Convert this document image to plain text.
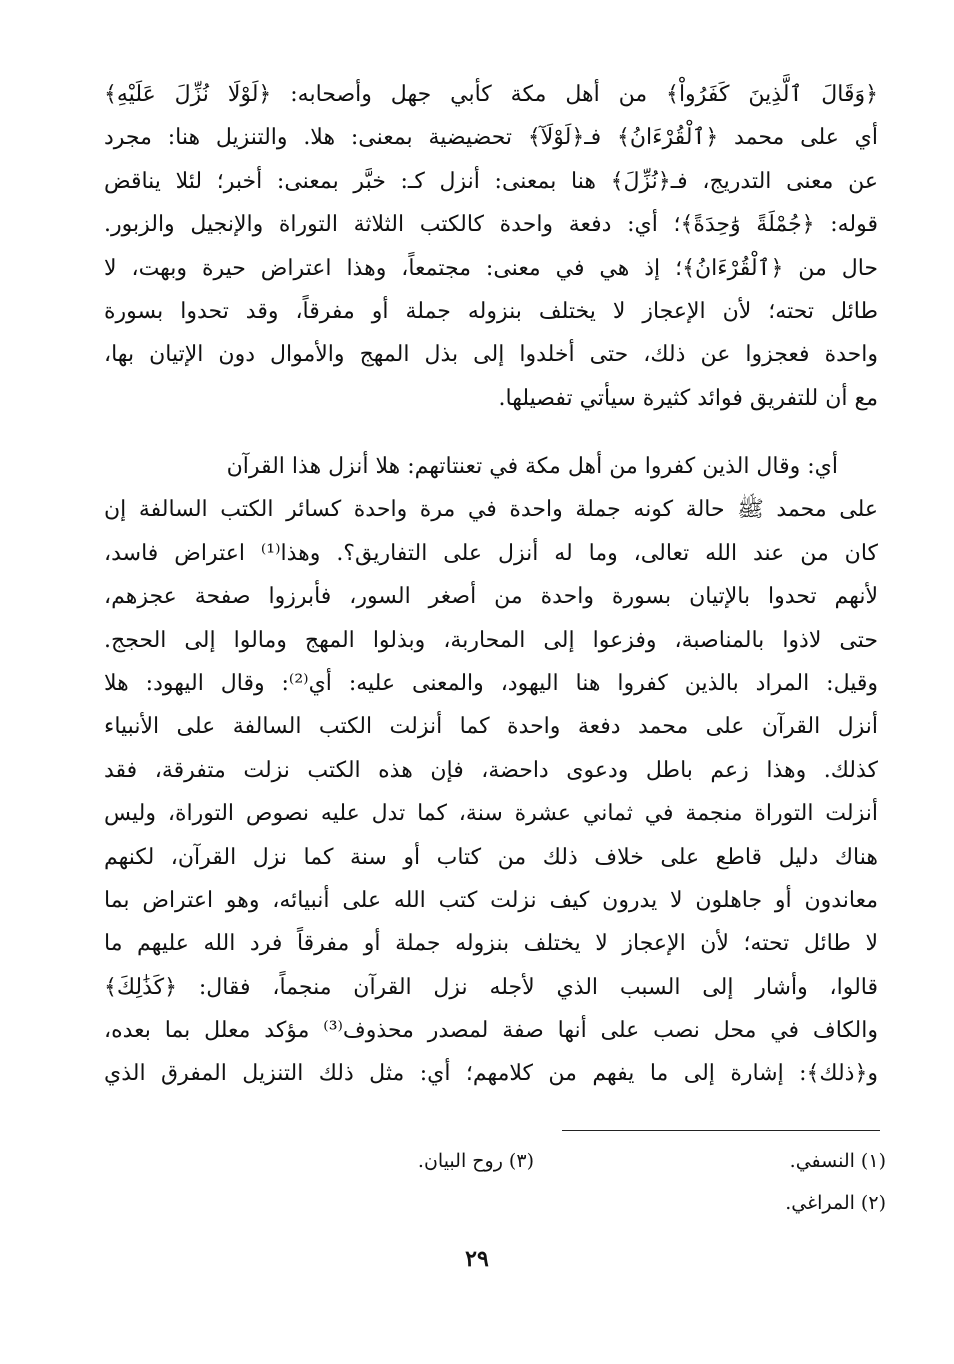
﴿وَقَالَ ٱلَّذِينَ كَفَرُواْ﴾ من أهل مكة كأبي جهل وأصحابه: ﴿لَوْلَا نُزِّلَ عَلَيْهِ﴾
أي على محمد ﴿ٱلْقُرْءَانُ﴾ فـ﴿لَوْلَآ﴾ تحضيضية بمعنى: هلا. والتنزيل هنا: مجرد
عن معنى التدريج، فـ﴿نُزِّلَ﴾ هنا بمعنى: أنزل كـ: خبَّر بمعنى: أخبر؛ لئلا يناقض
قوله: ﴿جُمْلَةً وَٰحِدَةً﴾؛ أي: دفعة واحدة كالكتب الثلاثة التوراة والإنجيل والزبور.
حال من ﴿ٱلْقُرْءَانُ﴾؛ إذ هي في معنى: مجتمعاً، وهذا اعتراض حيرة وبهت، لا
طائل تحته؛ لأن الإعجاز لا يختلف بنزوله جملة أو مفرقاً، وقد تحدوا بسورة
واحدة فعجزوا عن ذلك، حتى أخلدوا إلى بذل المهج والأموال دون الإتيان بها،
مع أن للتفريق فوائد كثيرة سيأتي تفصيلها.
أي: وقال الذين كفروا من أهل مكة في تعنتاتهم: هلا أنزل هذا القرآن
على محمد ﷺ حالة كونه جملة واحدة في مرة واحدة كسائر الكتب السالفة إن
كان من عند الله تعالى، وما له أنزل على التفاريق؟. وهذا⁽¹⁾ اعتراض فاسد،
لأنهم تحدوا بالإتيان بسورة واحدة من أصغر السور، فأبرزوا صفحة عجزهم،
حتى لاذوا بالمناصبة، وفزعوا إلى المحاربة، وبذلوا المهج ومالوا إلى الحجج.
وقيل: المراد بالذين كفروا هنا اليهود، والمعنى عليه: أي⁽²⁾: وقال اليهود: هلا
أنزل القرآن على محمد دفعة واحدة كما أنزلت الكتب السالفة على الأنبياء
كذلك. وهذا زعم باطل ودعوى داحضة، فإن هذه الكتب نزلت متفرقة، فقد
أنزلت التوراة منجمة في ثماني عشرة سنة، كما تدل عليه نصوص التوراة، وليس
هناك دليل قاطع على خلاف ذلك من كتاب أو سنة كما نزل القرآن، لكنهم
معاندون أو جاهلون لا يدرون كيف نزلت كتب الله على أنبيائه، وهو اعتراض بما
لا طائل تحته؛ لأن الإعجاز لا يختلف بنزوله جملة أو مفرقاً فرد الله عليهم ما
قالوا، وأشار إلى السبب الذي لأجله نزل القرآن منجماً، فقال: ﴿كَذَٰلِكَ﴾
والكاف في محل نصب على أنها صفة لمصدر محذوف⁽³⁾ مؤكد معلل بما بعده،
و﴿ذلك﴾: إشارة إلى ما يفهم من كلامهم؛ أي: مثل ذلك التنزيل المفرق الذي
(١) النسفي.
(٣) روح البيان.
(٢) المراغي.
٢٩
